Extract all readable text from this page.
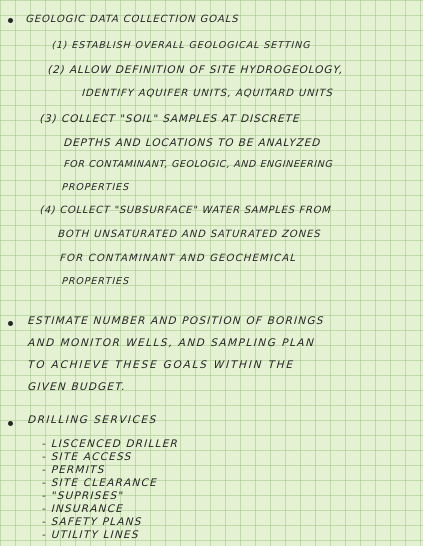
GEOLOGIC DATA COLLECTION GOALS
(1) ESTABLISH OVERALL GEOLOGICAL SETTING
(2) ALLOW DEFINITION OF SITE HYDROGEOLOGY,
IDENTIFY AQUIFER UNITS, AQUITARD UNITS
(3) COLLECT "SOIL" SAMPLES AT DISCRETE
DEPTHS AND LOCATIONS TO BE ANALYZED
FOR CONTAMINANT, GEOLOGIC, AND ENGINEERING
PROPERTIES
(4) COLLECT "SUBSURFACE" WATER SAMPLES FROM
BOTH UNSATURATED AND SATURATED ZONES
FOR CONTAMINANT AND GEOCHEMICAL
PROPERTIES
ESTIMATE NUMBER AND POSITION OF BORINGS
AND MONITOR WELLS, AND SAMPLING PLAN
TO ACHIEVE THESE GOALS WITHIN THE
GIVEN BUDGET.
DRILLING SERVICES
- LISCENCED DRILLER
- SITE ACCESS
- PERMITS
- SITE CLEARANCE
- "SUPRISES"
- INSURANCE
- SAFETY PLANS
- UTILITY LINES
